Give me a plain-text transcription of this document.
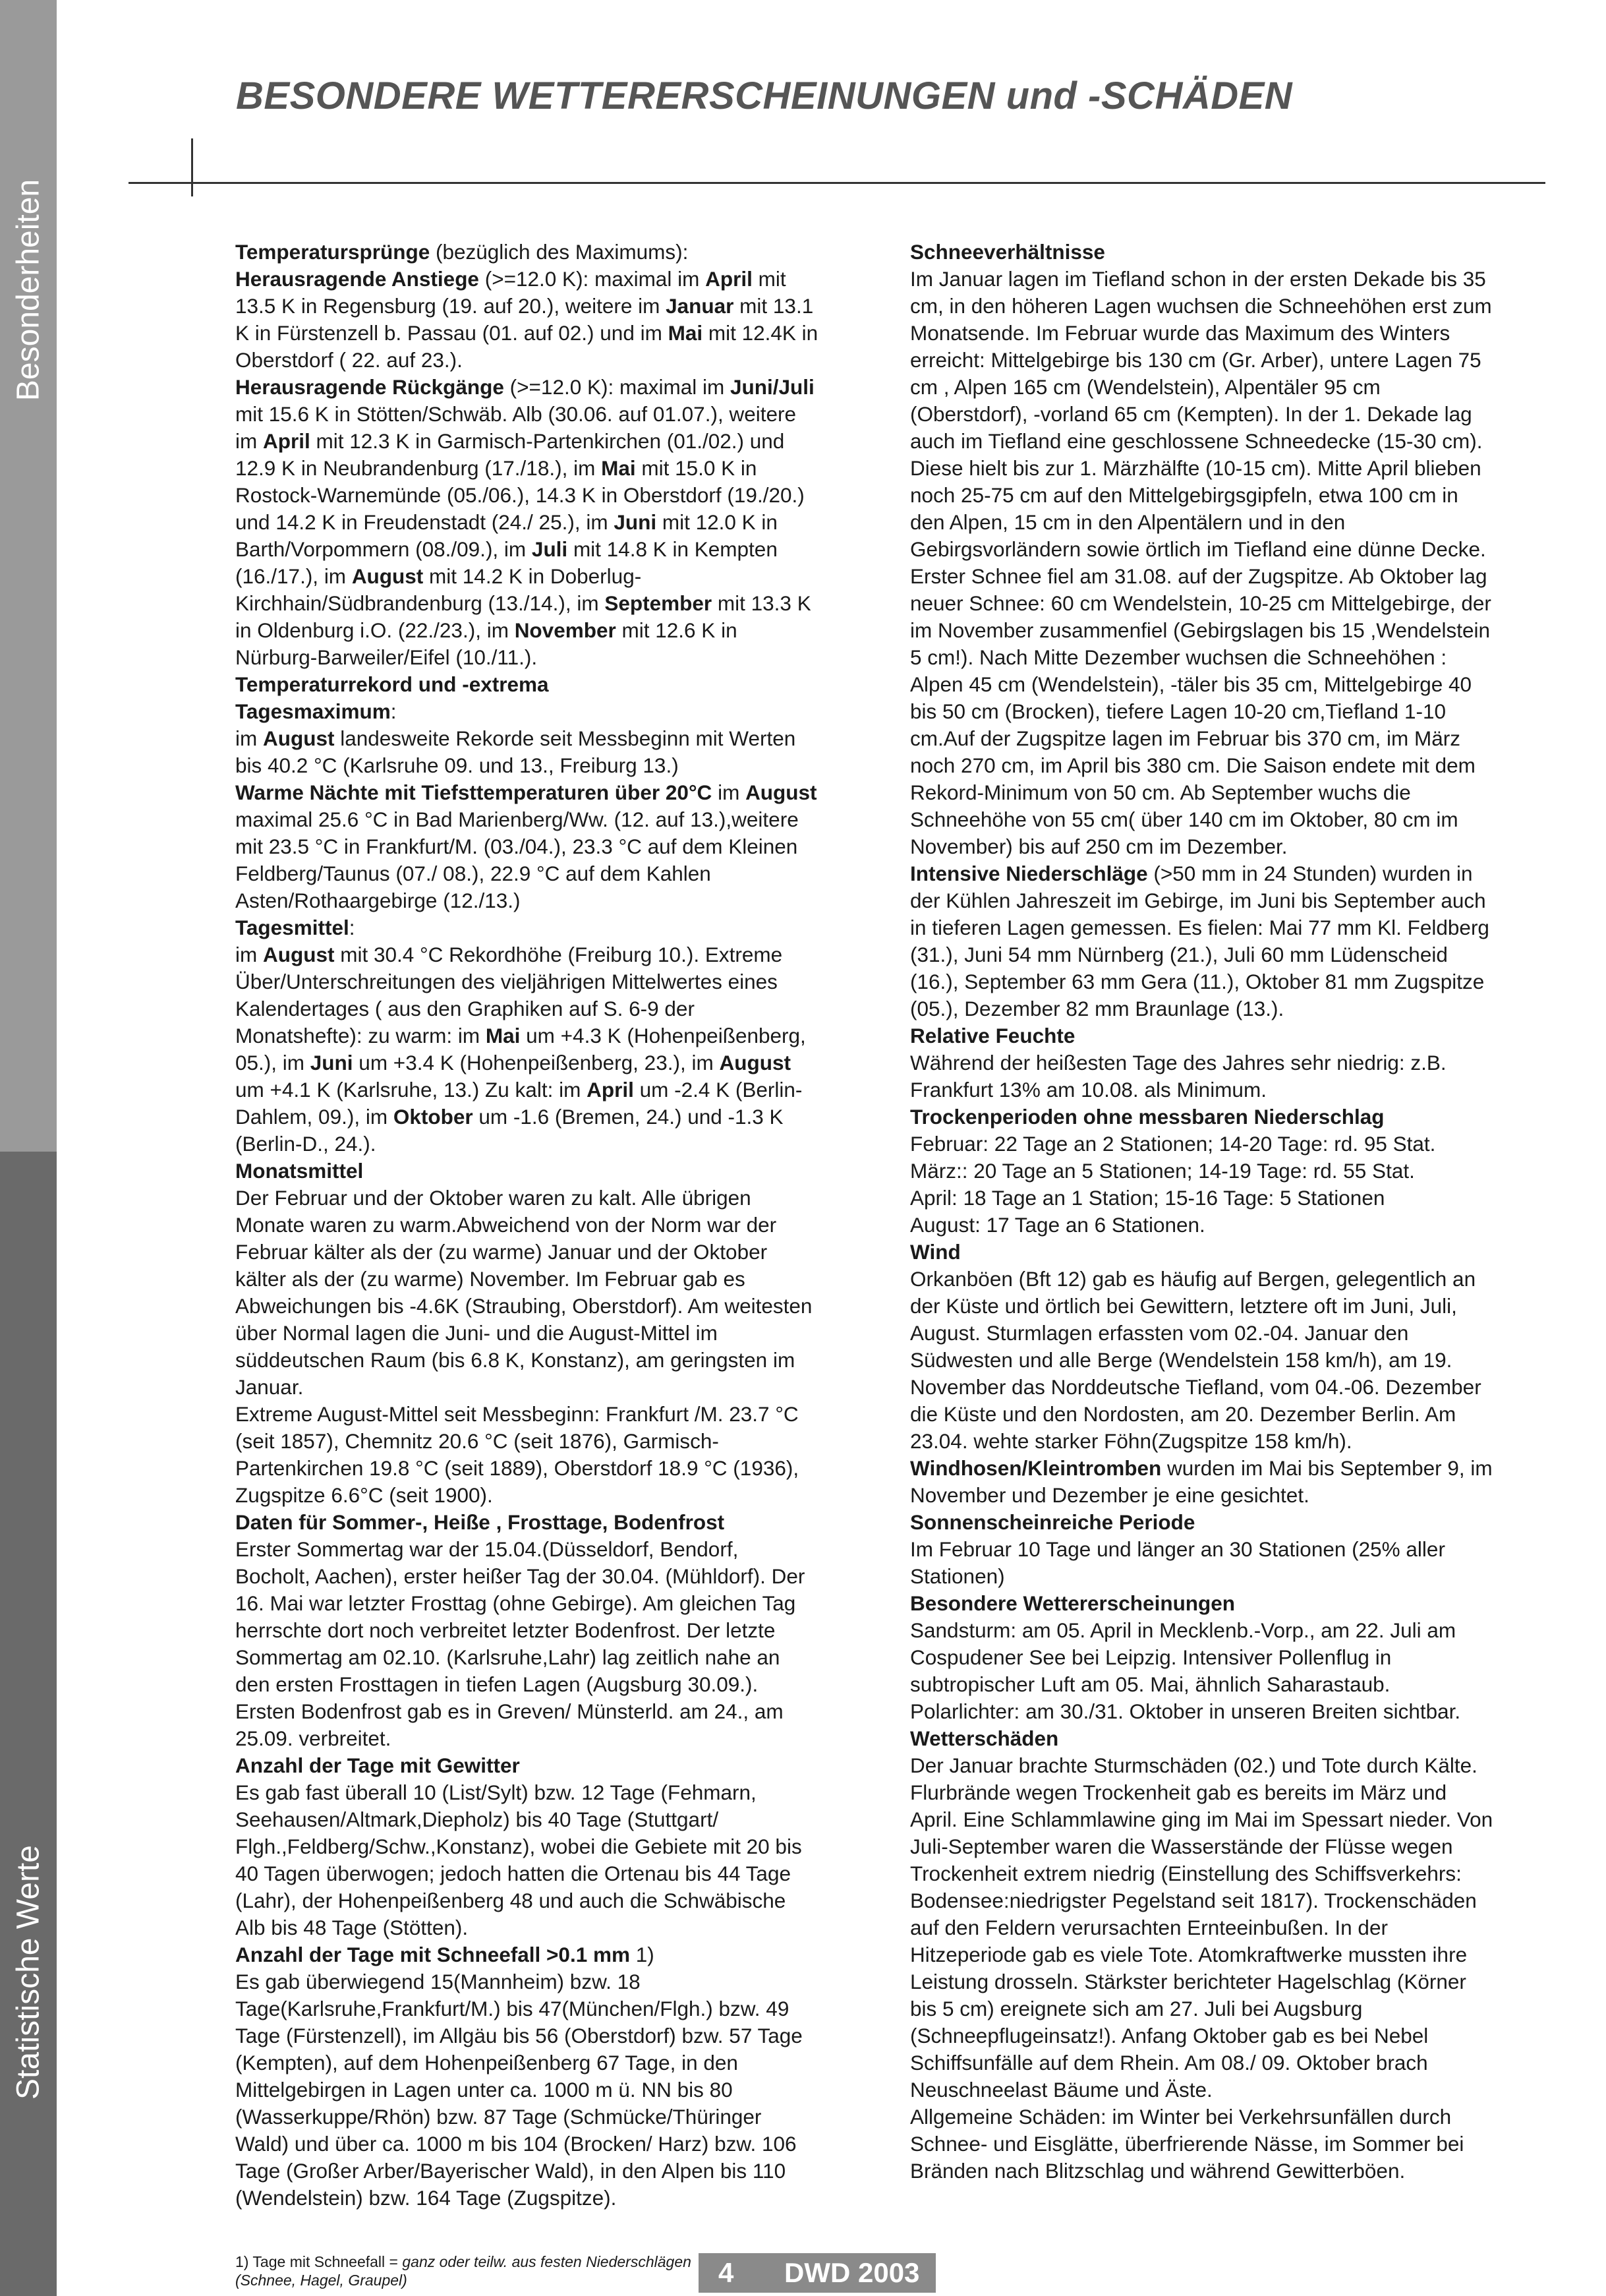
Besonderheiten
Statistische Werte
BESONDERE WETTERERSCHEINUNGEN und -SCHÄDEN

Temperatursprünge (bezüglich des Maximums):

Herausragende Anstiege (>=12.0 K): maximal im April mit 13.5 K in Regensburg (19. auf 20.), weitere im Januar mit 13.1 K in Fürstenzell b. Passau (01. auf 02.) und im Mai mit 12.4K in Oberstdorf ( 22. auf 23.).

Herausragende Rückgänge (>=12.0 K): maximal im Juni/Juli mit 15.6 K in Stötten/Schwäb. Alb (30.06. auf 01.07.), weitere im April mit 12.3 K in Garmisch-Partenkirchen (01./02.) und 12.9 K in Neubrandenburg (17./18.), im Mai mit 15.0 K in Rostock-Warnemünde (05./06.), 14.3 K in Oberstdorf (19./20.) und 14.2 K in Freudenstadt (24./ 25.), im Juni mit 12.0 K in Barth/Vorpommern (08./09.), im Juli mit 14.8 K in Kempten (16./17.), im August mit 14.2 K in Doberlug-Kirchhain/Südbrandenburg (13./14.), im September mit 13.3 K in Oldenburg i.O. (22./23.), im November mit 12.6 K in Nürburg-Barweiler/Eifel (10./11.).

Temperaturrekord und -extrema

Tagesmaximum:

im August landesweite Rekorde seit Messbeginn mit Werten bis 40.2 °C (Karlsruhe 09. und 13., Freiburg 13.)

Warme Nächte mit Tiefsttemperaturen über 20°C im August maximal 25.6 °C in Bad Marienberg/Ww. (12. auf 13.),weitere mit 23.5 °C in Frankfurt/M. (03./04.), 23.3 °C auf dem Kleinen Feldberg/Taunus (07./ 08.), 22.9 °C auf dem Kahlen Asten/Rothaargebirge (12./13.)

Tagesmittel:

im August mit 30.4 °C Rekordhöhe (Freiburg 10.). Extreme Über/Unterschreitungen des vieljährigen Mittelwertes eines Kalendertages ( aus den Graphiken auf S. 6-9 der Monatshefte): zu warm: im Mai um +4.3 K (Hohenpeißenberg, 05.), im Juni um +3.4 K (Hohenpeißenberg, 23.), im August um +4.1 K (Karlsruhe, 13.) Zu kalt: im April um -2.4 K (Berlin-Dahlem, 09.), im Oktober um -1.6 (Bremen, 24.) und -1.3 K (Berlin-D., 24.).

Monatsmittel

Der Februar und der Oktober waren zu kalt. Alle übrigen Monate waren zu warm.Abweichend von der Norm war der Februar kälter als der (zu warme) Januar und der Oktober kälter als der (zu warme) November. Im Februar gab es Abweichungen bis -4.6K (Straubing, Oberstdorf). Am weitesten über Normal lagen die Juni- und die August-Mittel im süddeutschen Raum (bis 6.8 K, Konstanz), am geringsten im Januar.

Extreme August-Mittel seit Messbeginn: Frankfurt /M. 23.7 °C (seit 1857), Chemnitz 20.6 °C (seit 1876), Garmisch-Partenkirchen 19.8 °C (seit 1889), Oberstdorf 18.9 °C (1936), Zugspitze 6.6°C (seit 1900).

Daten für Sommer-, Heiße , Frosttage, Bodenfrost

Erster Sommertag war der 15.04.(Düsseldorf, Bendorf, Bocholt, Aachen), erster heißer Tag der 30.04. (Mühldorf). Der 16. Mai war letzter Frosttag (ohne Gebirge). Am gleichen Tag herrschte dort noch verbreitet letzter Bodenfrost. Der letzte Sommertag am 02.10. (Karlsruhe,Lahr) lag zeitlich nahe an den ersten Frosttagen in tiefen Lagen (Augsburg 30.09.). Ersten Bodenfrost gab es in Greven/ Münsterld. am 24., am 25.09. verbreitet.

Anzahl der Tage mit Gewitter

Es gab fast überall 10 (List/Sylt) bzw. 12 Tage (Fehmarn, Seehausen/Altmark,Diepholz) bis 40 Tage (Stuttgart/ Flgh.,Feldberg/Schw.,Konstanz), wobei die Gebiete mit 20 bis 40 Tagen überwogen; jedoch hatten die Ortenau bis 44 Tage (Lahr), der Hohenpeißenberg 48 und auch die Schwäbische Alb bis 48 Tage (Stötten).

Anzahl der Tage mit Schneefall >0.1 mm 1)

Es gab überwiegend 15(Mannheim) bzw. 18 Tage(Karlsruhe,Frankfurt/M.) bis 47(München/Flgh.) bzw. 49 Tage (Fürstenzell), im Allgäu bis 56 (Oberstdorf) bzw. 57 Tage (Kempten), auf dem Hohenpeißenberg 67 Tage, in den Mittelgebirgen in Lagen unter ca. 1000 m ü. NN bis 80 (Wasserkuppe/Rhön) bzw. 87 Tage (Schmücke/Thüringer Wald) und über ca. 1000 m bis 104 (Brocken/ Harz) bzw. 106 Tage (Großer Arber/Bayerischer Wald), in den Alpen bis 110 (Wendelstein) bzw. 164 Tage (Zugspitze).

Schneeverhältnisse

Im Januar lagen im Tiefland schon in der ersten Dekade bis 35 cm, in den höheren Lagen wuchsen die Schneehöhen erst zum Monatsende. Im Februar wurde das Maximum des Winters erreicht: Mittelgebirge bis 130 cm (Gr. Arber), untere Lagen 75 cm , Alpen 165 cm (Wendelstein), Alpentäler 95 cm (Oberstdorf), -vorland 65 cm (Kempten). In der 1. Dekade lag auch im Tiefland eine geschlossene Schneedecke (15-30 cm). Diese hielt bis zur 1. Märzhälfte (10-15 cm). Mitte April blieben noch 25-75 cm auf den Mittelgebirgsgipfeln, etwa 100 cm in den Alpen, 15 cm in den Alpentälern und in den Gebirgsvorländern sowie örtlich im Tiefland eine dünne Decke. Erster Schnee fiel am 31.08. auf der Zugspitze. Ab Oktober lag neuer Schnee: 60 cm Wendelstein, 10-25 cm Mittelgebirge, der im November zusammenfiel (Gebirgslagen bis 15 ,Wendelstein 5 cm!). Nach Mitte Dezember wuchsen die Schneehöhen : Alpen 45 cm (Wendelstein), -täler bis 35 cm, Mittelgebirge 40 bis 50 cm (Brocken), tiefere Lagen 10-20 cm,Tiefland 1-10 cm.Auf der Zugspitze lagen im Februar bis 370 cm, im März noch 270 cm, im April bis 380 cm. Die Saison endete mit dem Rekord-Minimum von 50 cm. Ab September wuchs die Schneehöhe von 55 cm( über 140 cm im Oktober, 80 cm im November) bis auf 250 cm im Dezember.

Intensive Niederschläge (>50 mm in 24 Stunden) wurden in der Kühlen Jahreszeit im Gebirge, im Juni bis September auch in tieferen Lagen gemessen. Es fielen: Mai 77 mm Kl. Feldberg (31.), Juni 54 mm Nürnberg (21.), Juli 60 mm Lüdenscheid (16.), September 63 mm Gera (11.), Oktober 81 mm Zugspitze (05.), Dezember 82 mm Braunlage (13.).

Relative Feuchte

Während der heißesten Tage des Jahres sehr niedrig: z.B. Frankfurt 13% am 10.08. als Minimum.

Trockenperioden ohne messbaren Niederschlag

Februar: 22 Tage an 2 Stationen; 14-20 Tage: rd. 95 Stat.
März:: 20 Tage an 5 Stationen; 14-19 Tage: rd. 55 Stat.
April: 18 Tage an 1 Station; 15-16 Tage: 5 Stationen
August: 17 Tage an 6 Stationen.

Wind

Orkanböen (Bft 12) gab es häufig auf Bergen, gelegentlich an der Küste und örtlich bei Gewittern, letztere oft im Juni, Juli, August. Sturmlagen erfassten vom 02.-04. Januar den Südwesten und alle Berge (Wendelstein 158 km/h), am 19. November das Norddeutsche Tiefland, vom 04.-06. Dezember die Küste und den Nordosten, am 20. Dezember Berlin. Am 23.04. wehte starker Föhn(Zugspitze 158 km/h).

Windhosen/Kleintromben wurden im Mai bis September 9, im November und Dezember je eine gesichtet.

Sonnenscheinreiche Periode

Im Februar 10 Tage und länger an 30 Stationen (25% aller Stationen)

Besondere Wettererscheinungen

Sandsturm: am 05. April in Mecklenb.-Vorp., am 22. Juli am Cospudener See bei Leipzig. Intensiver Pollenflug in subtropischer Luft am 05. Mai, ähnlich Saharastaub. Polarlichter: am 30./31. Oktober in unseren Breiten sichtbar.

Wetterschäden

Der Januar brachte Sturmschäden (02.) und Tote durch Kälte. Flurbrände wegen Trockenheit gab es bereits im März und April. Eine Schlammlawine ging im Mai im Spessart nieder. Von Juli-September waren die Wasserstände der Flüsse wegen Trockenheit extrem niedrig (Einstellung des Schiffsverkehrs: Bodensee:niedrigster Pegelstand seit 1817). Trockenschäden auf den Feldern verursachten Ernteeinbußen. In der Hitzeperiode gab es viele Tote. Atomkraftwerke mussten ihre Leistung drosseln. Stärkster berichteter Hagelschlag (Körner bis 5 cm) ereignete sich am 27. Juli bei Augsburg (Schneepflugeinsatz!). Anfang Oktober gab es bei Nebel Schiffsunfälle auf dem Rhein. Am 08./ 09. Oktober brach Neuschneelast Bäume und Äste.

Allgemeine Schäden: im Winter bei Verkehrsunfällen durch Schnee- und Eisglätte, überfrierende Nässe, im Sommer bei Bränden nach Blitzschlag und während Gewitterböen.

1) Tage mit Schneefall = ganz oder teilw. aus festen Niederschlägen (Schnee, Hagel, Graupel)	4 DWD 2003
